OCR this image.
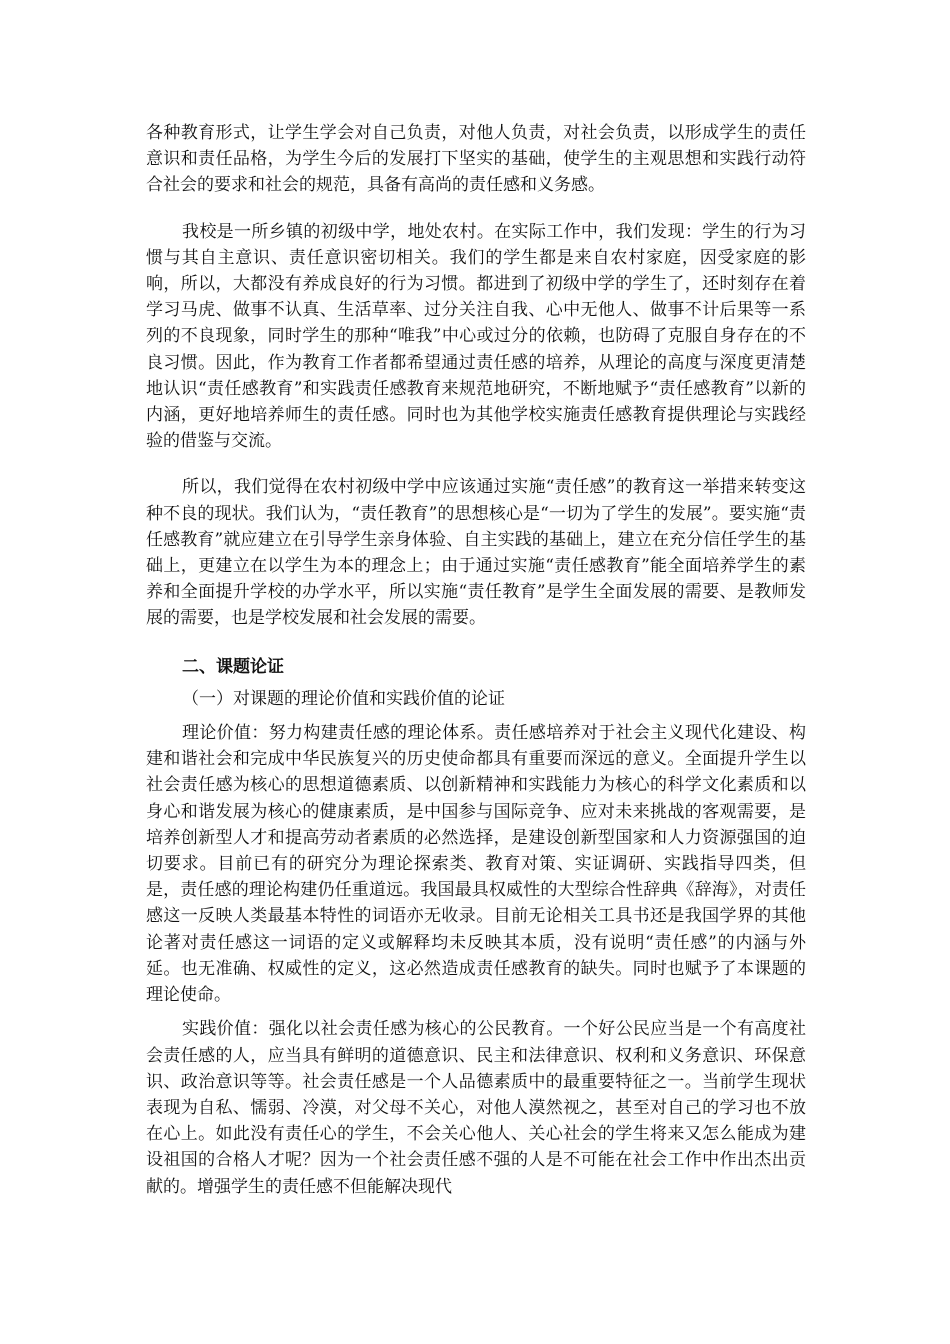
各种教育形式，让学生学会对自己负责，对他人负责，对社会负责，以形成学生的责任意识和责任品格，为学生今后的发展打下坚实的基础，使学生的主观思想和实践行动符合社会的要求和社会的规范，具备有高尚的责任感和义务感。

我校是一所乡镇的初级中学，地处农村。在实际工作中，我们发现：学生的行为习惯与其自主意识、责任意识密切相关。我们的学生都是来自农村家庭，因受家庭的影响，所以，大都没有养成良好的行为习惯。都进到了初级中学的学生了，还时刻存在着学习马虎、做事不认真、生活草率、过分关注自我、心中无他人、做事不计后果等一系列的不良现象，同时学生的那种“唯我”中心或过分的依赖，也防碍了克服自身存在的不良习惯。因此，作为教育工作者都希望通过责任感的培养，从理论的高度与深度更清楚地认识“责任感教育”和实践责任感教育来规范地研究，不断地赋予“责任感教育”以新的内涵，更好地培养师生的责任感。同时也为其他学校实施责任感教育提供理论与实践经验的借鉴与交流。

所以，我们觉得在农村初级中学中应该通过实施“责任感”的教育这一举措来转变这种不良的现状。我们认为，“责任教育”的思想核心是“一切为了学生的发展”。要实施“责任感教育”就应建立在引导学生亲身体验、自主实践的基础上，建立在充分信任学生的基础上，更建立在以学生为本的理念上；由于通过实施“责任感教育”能全面培养学生的素养和全面提升学校的办学水平，所以实施“责任教育”是学生全面发展的需要、是教师发展的需要，也是学校发展和社会发展的需要。

二、课题论证

（一）对课题的理论价值和实践价值的论证

理论价值：努力构建责任感的理论体系。责任感培养对于社会主义现代化建设、构建和谐社会和完成中华民族复兴的历史使命都具有重要而深远的意义。全面提升学生以社会责任感为核心的思想道德素质、以创新精神和实践能力为核心的科学文化素质和以身心和谐发展为核心的健康素质，是中国参与国际竞争、应对未来挑战的客观需要，是培养创新型人才和提高劳动者素质的必然选择，是建设创新型国家和人力资源强国的迫切要求。目前已有的研究分为理论探索类、教育对策、实证调研、实践指导四类，但是，责任感的理论构建仍任重道远。我国最具权威性的大型综合性辞典《辞海》，对责任感这一反映人类最基本特性的词语亦无收录。目前无论相关工具书还是我国学界的其他论著对责任感这一词语的定义或解释均未反映其本质，没有说明“责任感”的内涵与外延。也无准确、权威性的定义，这必然造成责任感教育的缺失。同时也赋予了本课题的理论使命。

实践价值：强化以社会责任感为核心的公民教育。一个好公民应当是一个有高度社会责任感的人，应当具有鲜明的道德意识、民主和法律意识、权利和义务意识、环保意识、政治意识等等。社会责任感是一个人品德素质中的最重要特征之一。当前学生现状表现为自私、懦弱、冷漠，对父母不关心，对他人漠然视之，甚至对自己的学习也不放在心上。如此没有责任心的学生，不会关心他人、关心社会的学生将来又怎么能成为建设祖国的合格人才呢？因为一个社会责任感不强的人是不可能在社会工作中作出杰出贡献的。增强学生的责任感不但能解决现代
